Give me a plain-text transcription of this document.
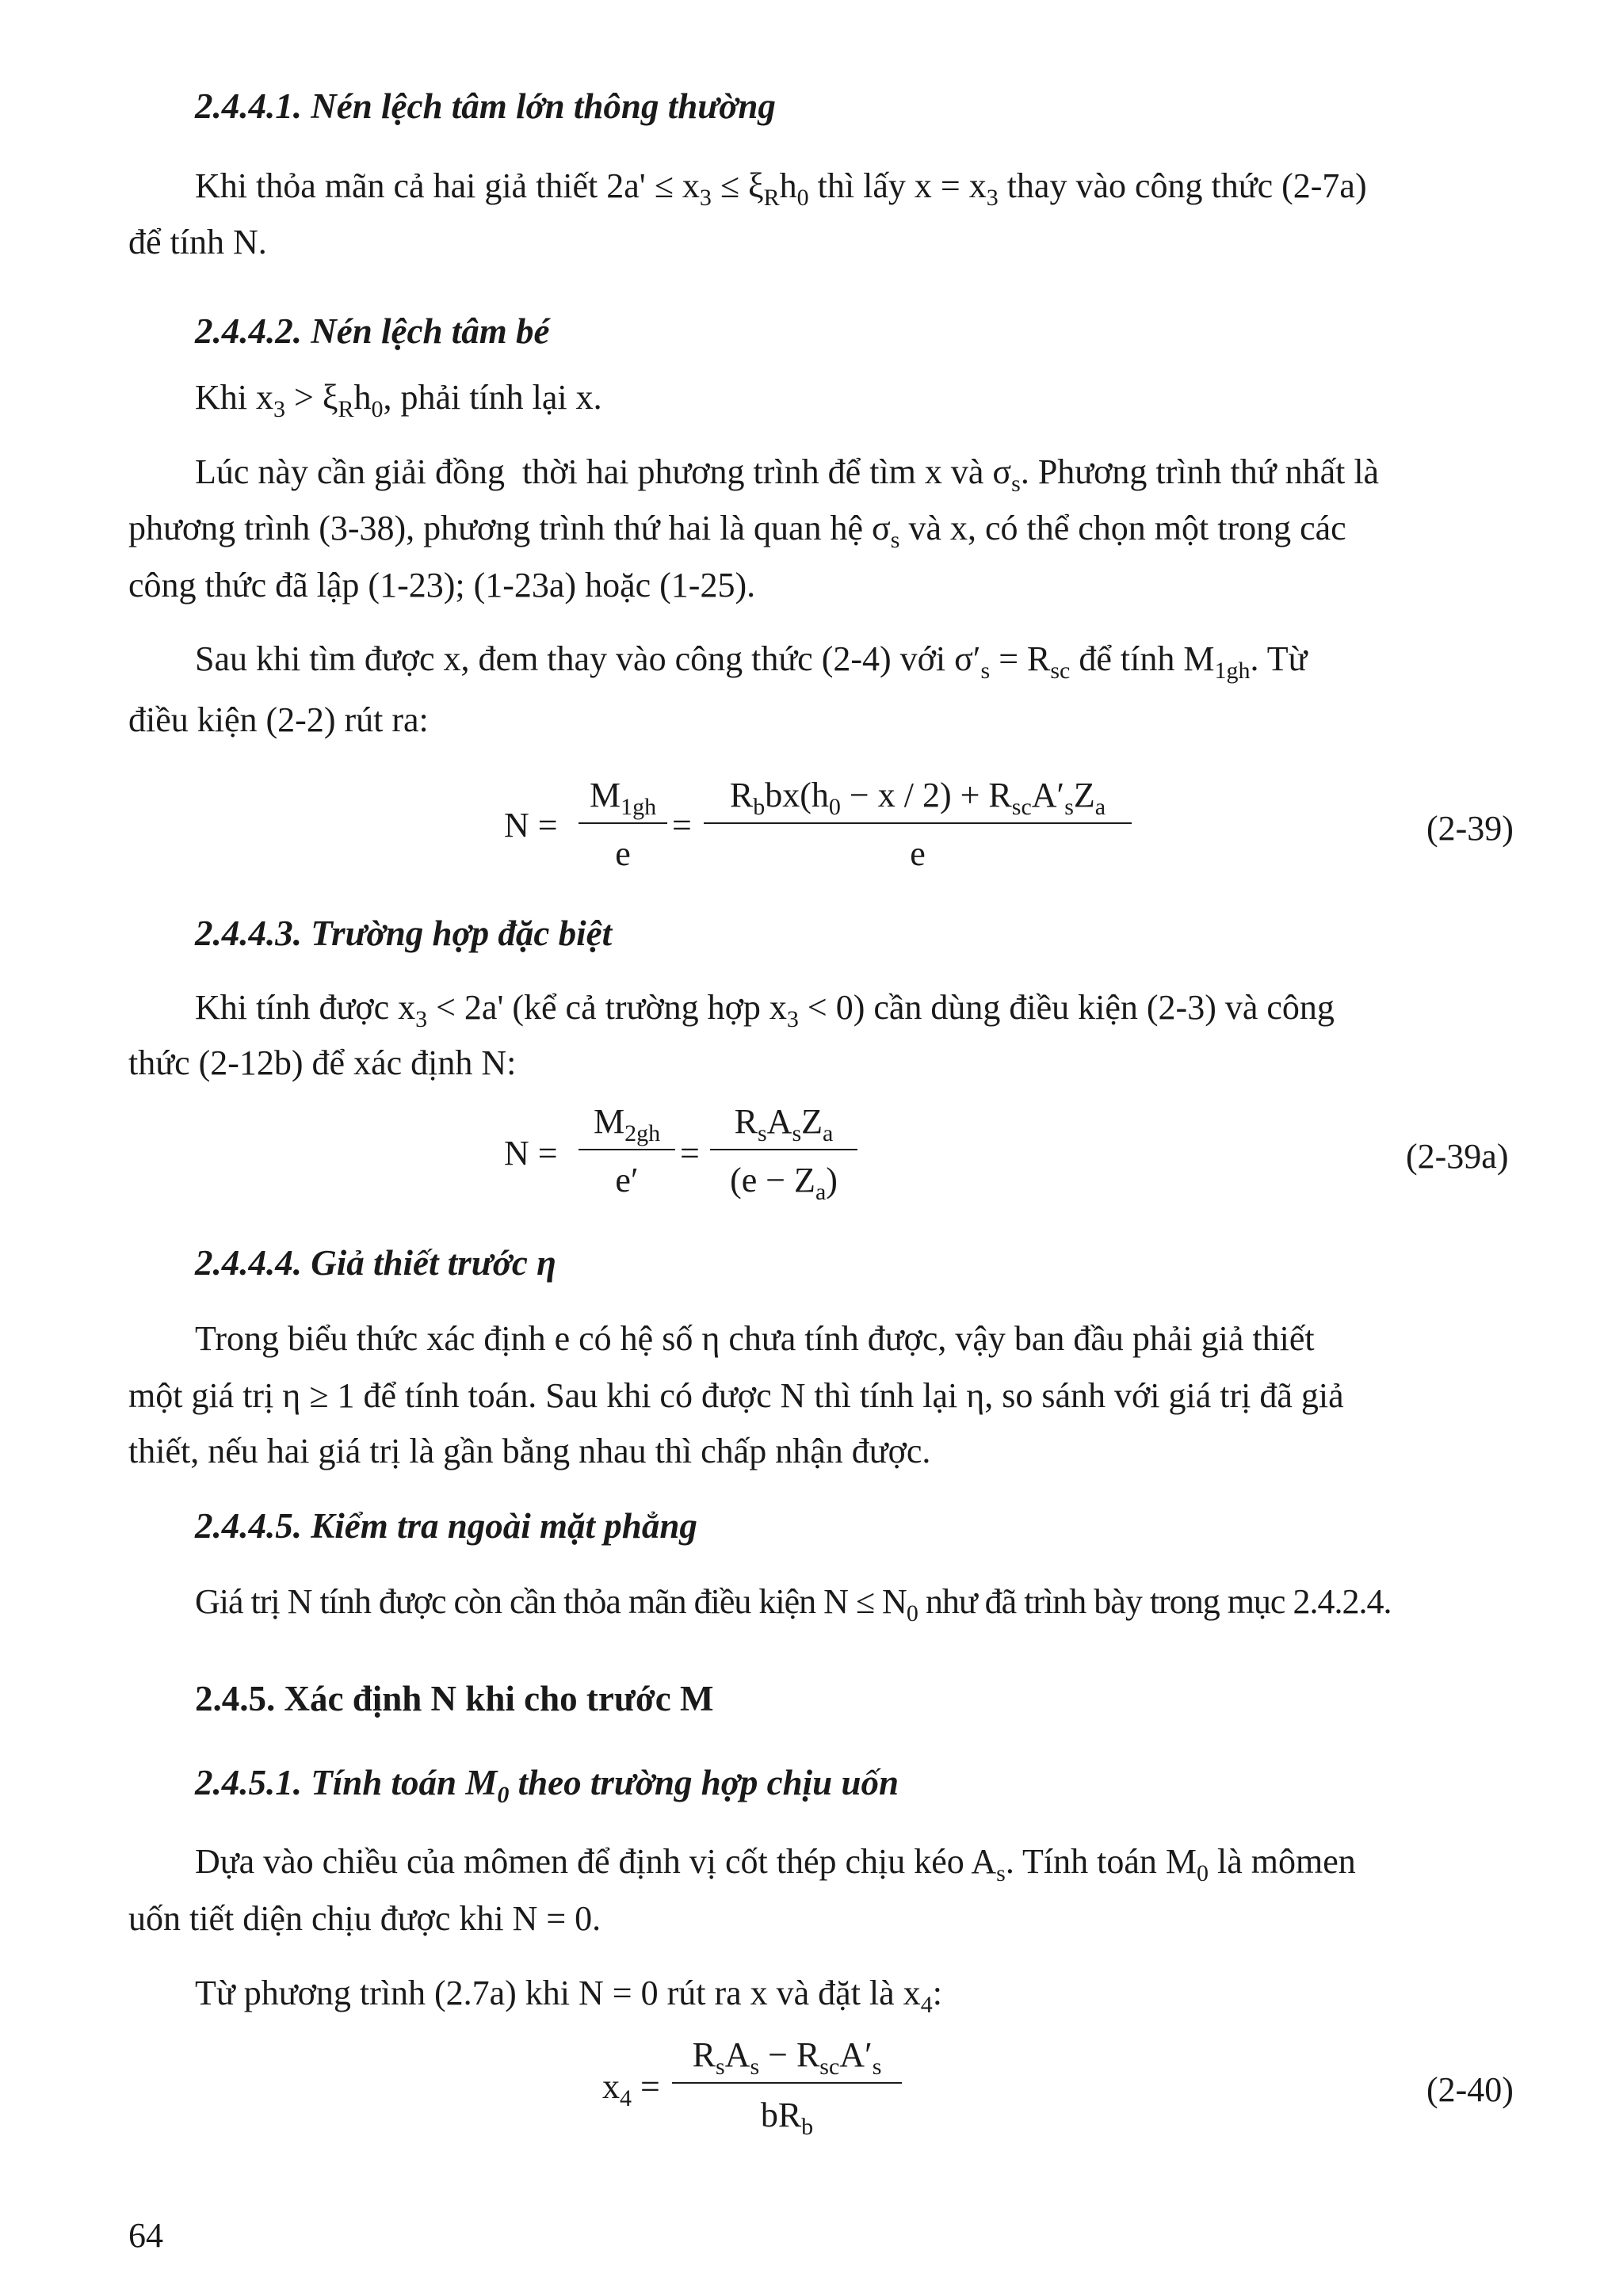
2.4.4.1. Nén lệch tâm lớn thông thường
Khi thỏa mãn cả hai giả thiết $2a' \le x_3 \le \xi_Rh_0$ thì lấy $x = x_3$ thay vào công thức (2-7a)
để tính N.
2.4.4.2. Nén lệch tâm bé
Khi $x_3 > \xi_Rh_0$, phải tính lại x.
Lúc này cần giải đồng  thời hai phương trình để tìm x và $\sigma_s$. Phương trình thứ nhất là
phương trình (3-38), phương trình thứ hai là quan hệ $\sigma_s$ và x, có thể chọn một trong các
công thức đã lập (1-23); (1-23a) hoặc (1-25).
Sau khi tìm được x, đem thay vào công thức (2-4) với $\sigma'_s = R_{sc}$ để tính $M_{1gh}$. Từ
điều kiện (2-2) rút ra:
N =
$M_{1gh}$
e
=
$R_bbx(h_0 - x / 2) + R_{sc}A'_sZ_a$
e
(2-39)
2.4.4.3. Trường hợp đặc biệt
Khi tính được $x_3 < 2a'$ (kể cả trường hợp $x_3 < 0$) cần dùng điều kiện (2-3) và công
thức (2-12b) để xác định N:
N =
$M_{2gh}$
e′
=
$R_sA_sZ_a$
$(e - Z_a)$
(2-39a)
2.4.4.4. Giả thiết trước η
Trong biểu thức xác định e có hệ số η chưa tính được, vậy ban đầu phải giả thiết
một giá trị η ≥ 1 để tính toán. Sau khi có được N thì tính lại η, so sánh với giá trị đã giả
thiết, nếu hai giá trị là gần bằng nhau thì chấp nhận được.
2.4.4.5. Kiểm tra ngoài mặt phẳng
Giá trị N tính được còn cần thỏa mãn điều kiện $N \le N_0$ như đã trình bày trong mục 2.4.2.4.
2.4.5. Xác định N khi cho trước M
2.4.5.1. Tính toán $M_0$ theo trường hợp chịu uốn
Dựa vào chiều của mômen để định vị cốt thép chịu kéo $A_s$. Tính toán $M_0$ là mômen
uốn tiết diện chịu được khi N = 0.
Từ phương trình (2.7a) khi N = 0 rút ra x và đặt là $x_4$:
$x_4$ =
$R_sA_s - R_{sc}A'_s$
$bR_b$
(2-40)
64
